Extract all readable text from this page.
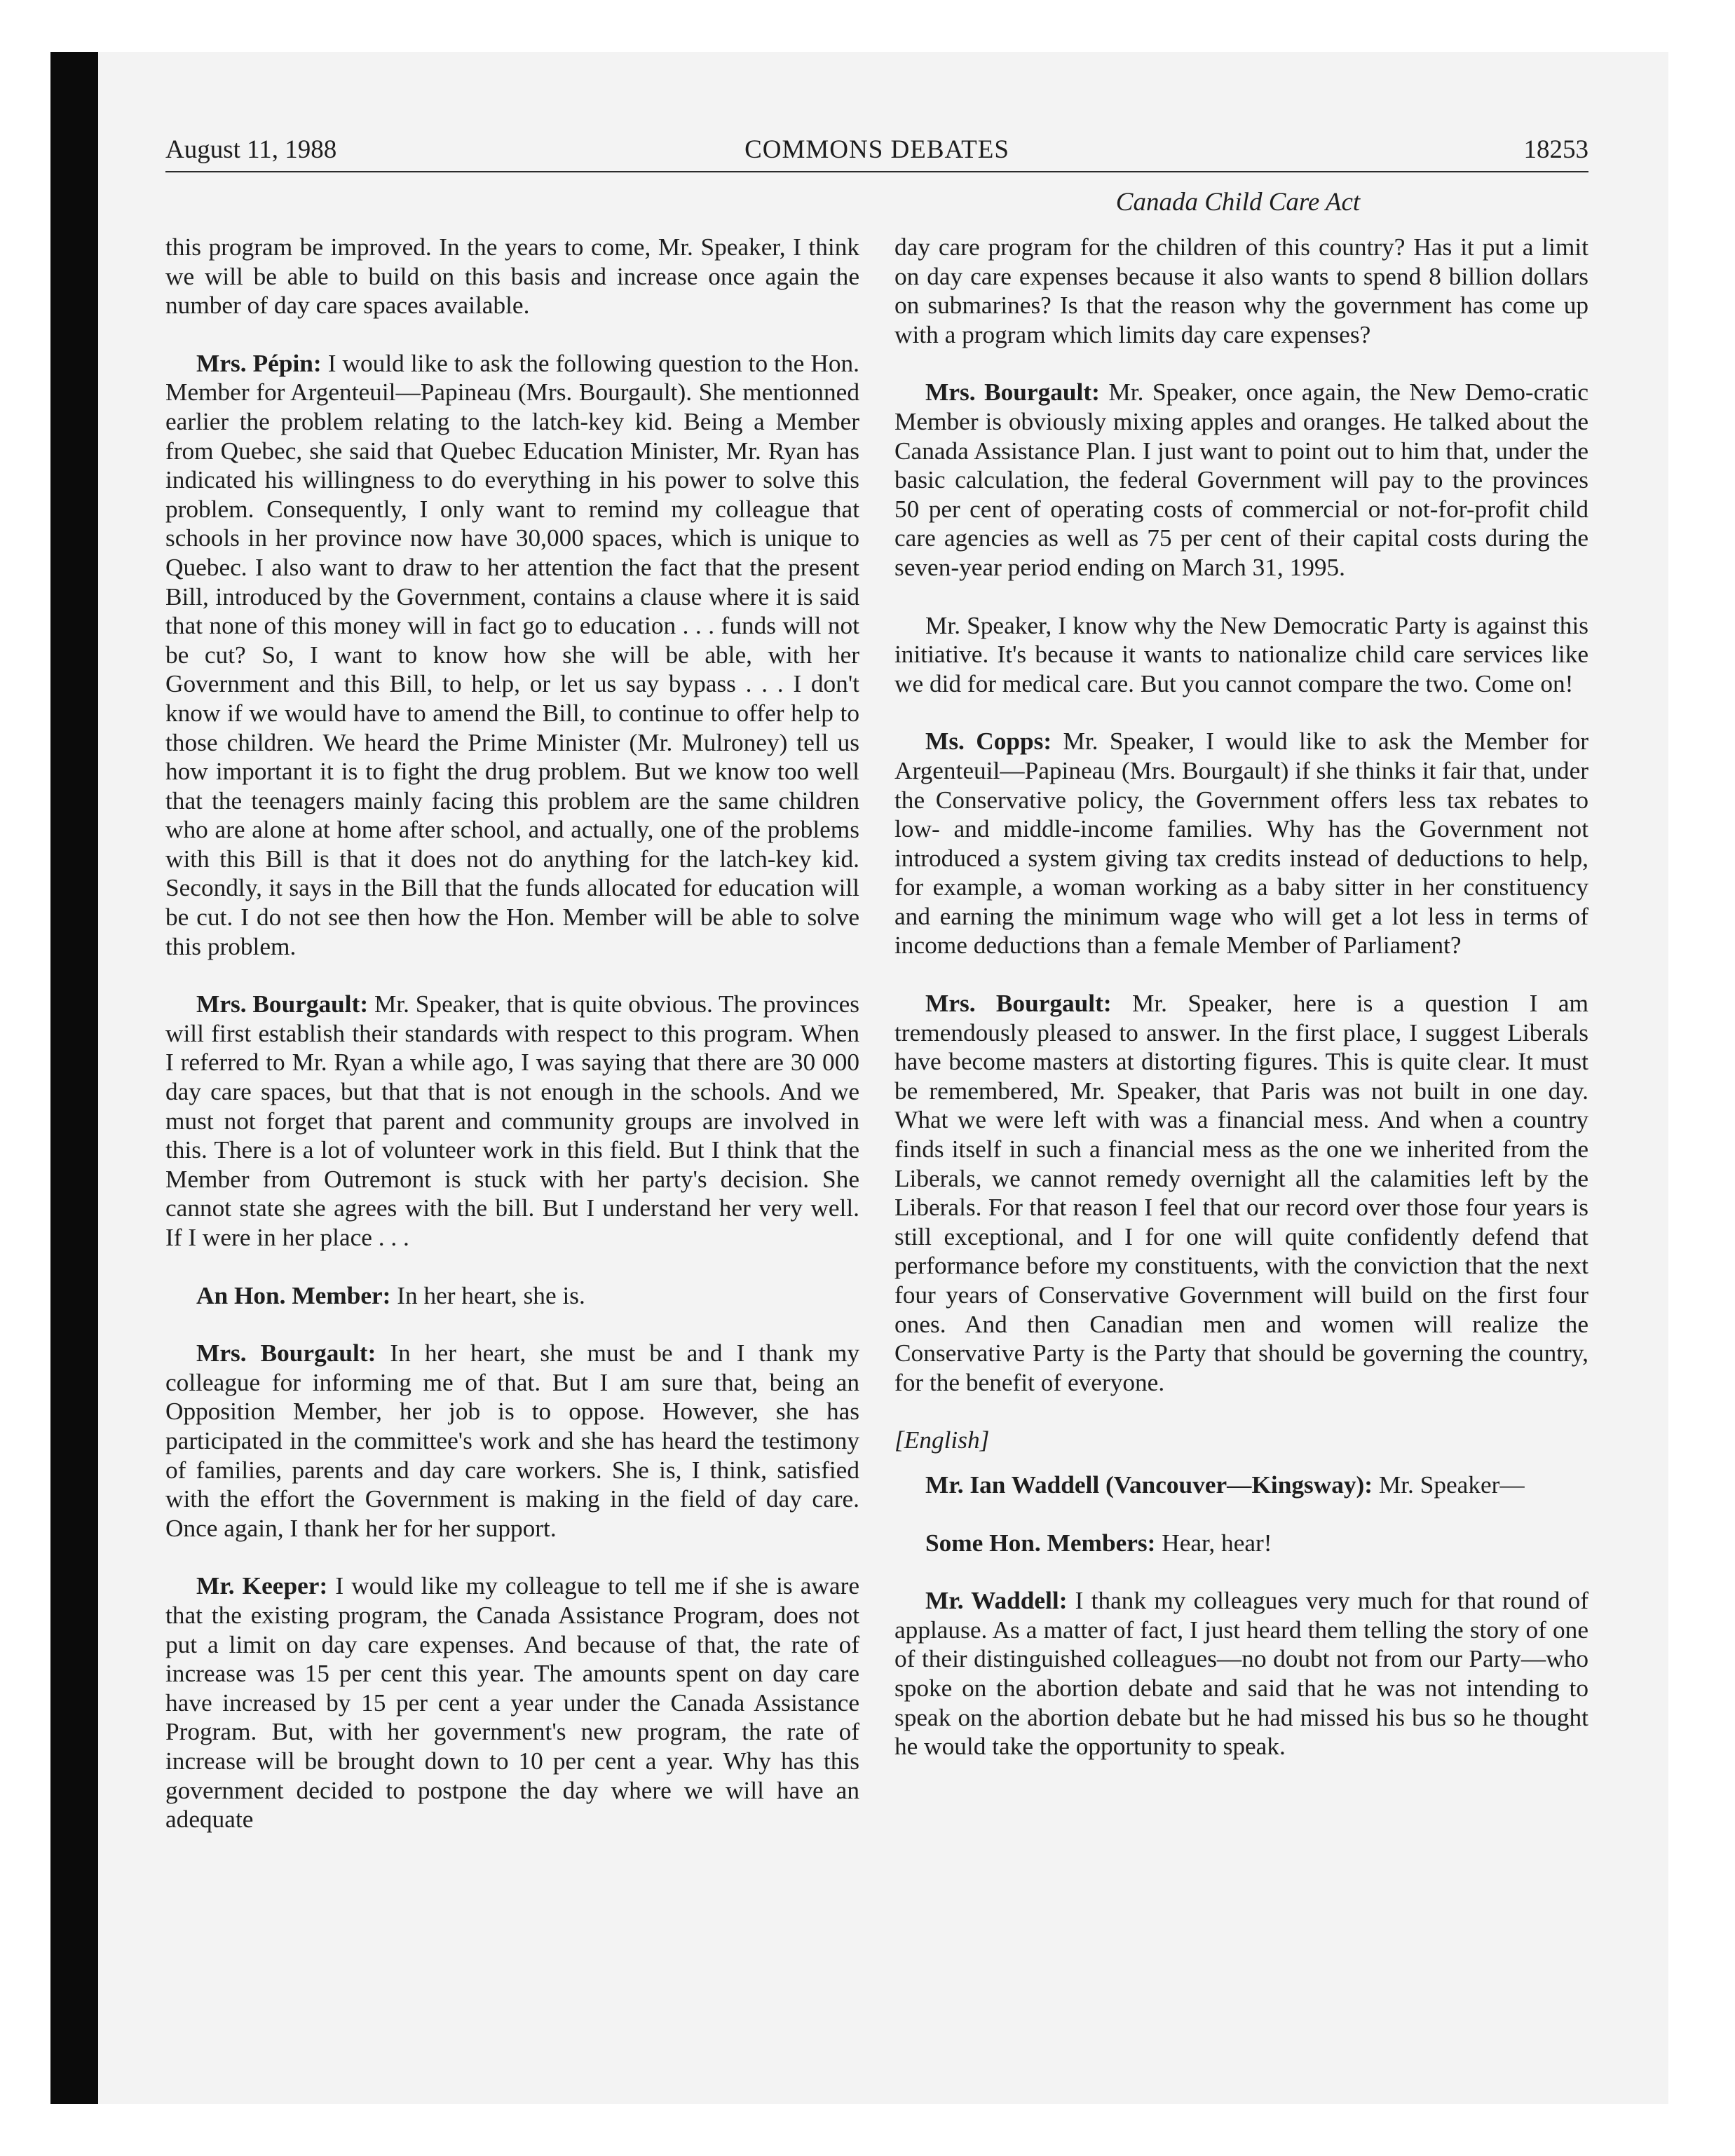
August 11, 1988	COMMONS DEBATES	18253
Canada Child Care Act

this program be improved. In the years to come, Mr. Speaker, I think we will be able to build on this basis and increase once again the number of day care spaces available.

Mrs. Pépin: I would like to ask the following question to the Hon. Member for Argenteuil—Papineau (Mrs. Bourgault). She mentionned earlier the problem relating to the latch-key kid. Being a Member from Quebec, she said that Quebec Education Minister, Mr. Ryan has indicated his willingness to do everything in his power to solve this problem. Consequently, I only want to remind my colleague that schools in her province now have 30,000 spaces, which is unique to Quebec. I also want to draw to her attention the fact that the present Bill, introduced by the Government, contains a clause where it is said that none of this money will in fact go to education . . . funds will not be cut? So, I want to know how she will be able, with her Government and this Bill, to help, or let us say bypass . . . I don't know if we would have to amend the Bill, to continue to offer help to those children. We heard the Prime Minister (Mr. Mulroney) tell us how important it is to fight the drug problem. But we know too well that the teenagers mainly facing this problem are the same children who are alone at home after school, and actually, one of the problems with this Bill is that it does not do anything for the latch-key kid. Secondly, it says in the Bill that the funds allocated for education will be cut. I do not see then how the Hon. Member will be able to solve this problem.

Mrs. Bourgault: Mr. Speaker, that is quite obvious. The provinces will first establish their standards with respect to this program. When I referred to Mr. Ryan a while ago, I was saying that there are 30 000 day care spaces, but that that is not enough in the schools. And we must not forget that parent and community groups are involved in this. There is a lot of volunteer work in this field. But I think that the Member from Outremont is stuck with her party's decision. She cannot state she agrees with the bill. But I understand her very well. If I were in her place . . .

An Hon. Member: In her heart, she is.

Mrs. Bourgault: In her heart, she must be and I thank my colleague for informing me of that. But I am sure that, being an Opposition Member, her job is to oppose. However, she has participated in the committee's work and she has heard the testimony of families, parents and day care workers. She is, I think, satisfied with the effort the Government is making in the field of day care. Once again, I thank her for her support.

Mr. Keeper: I would like my colleague to tell me if she is aware that the existing program, the Canada Assistance Program, does not put a limit on day care expenses. And because of that, the rate of increase was 15 per cent this year. The amounts spent on day care have increased by 15 per cent a year under the Canada Assistance Program. But, with her government's new program, the rate of increase will be brought down to 10 per cent a year. Why has this government decided to postpone the day where we will have an adequate

day care program for the children of this country? Has it put a limit on day care expenses because it also wants to spend 8 billion dollars on submarines? Is that the reason why the government has come up with a program which limits day care expenses?

Mrs. Bourgault: Mr. Speaker, once again, the New Demo-cratic Member is obviously mixing apples and oranges. He talked about the Canada Assistance Plan. I just want to point out to him that, under the basic calculation, the federal Government will pay to the provinces 50 per cent of operating costs of commercial or not-for-profit child care agencies as well as 75 per cent of their capital costs during the seven-year period ending on March 31, 1995.

Mr. Speaker, I know why the New Democratic Party is against this initiative. It's because it wants to nationalize child care services like we did for medical care. But you cannot compare the two. Come on!

Ms. Copps: Mr. Speaker, I would like to ask the Member for Argenteuil—Papineau (Mrs. Bourgault) if she thinks it fair that, under the Conservative policy, the Government offers less tax rebates to low- and middle-income families. Why has the Government not introduced a system giving tax credits instead of deductions to help, for example, a woman working as a baby sitter in her constituency and earning the minimum wage who will get a lot less in terms of income deductions than a female Member of Parliament?

Mrs. Bourgault: Mr. Speaker, here is a question I am tremendously pleased to answer. In the first place, I suggest Liberals have become masters at distorting figures. This is quite clear. It must be remembered, Mr. Speaker, that Paris was not built in one day. What we were left with was a financial mess. And when a country finds itself in such a financial mess as the one we inherited from the Liberals, we cannot remedy overnight all the calamities left by the Liberals. For that reason I feel that our record over those four years is still exceptional, and I for one will quite confidently defend that performance before my constituents, with the conviction that the next four years of Conservative Government will build on the first four ones. And then Canadian men and women will realize the Conservative Party is the Party that should be governing the country, for the benefit of everyone.

[English]

Mr. Ian Waddell (Vancouver—Kingsway): Mr. Speaker—

Some Hon. Members: Hear, hear!

Mr. Waddell: I thank my colleagues very much for that round of applause. As a matter of fact, I just heard them telling the story of one of their distinguished colleagues—no doubt not from our Party—who spoke on the abortion debate and said that he was not intending to speak on the abortion debate but he had missed his bus so he thought he would take the opportunity to speak.
